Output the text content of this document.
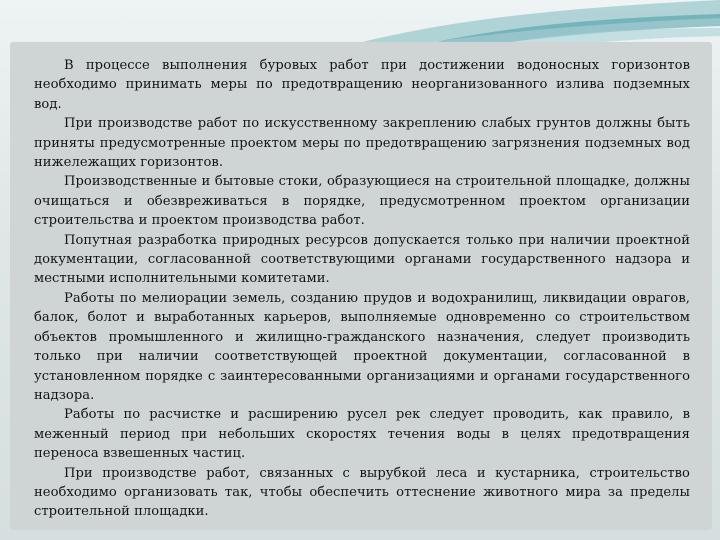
В процессе выполнения буровых работ при достижении водоносных горизонтов необходимо принимать меры по предотвращению неорганизованного излива подземных вод.

При производстве работ по искусственному закреплению слабых грунтов должны быть приняты предусмотренные проектом меры по предотвращению загрязнения подземных вод нижележащих горизонтов.

Производственные и бытовые стоки, образующиеся на строительной площадке, должны очищаться и обезвреживаться в порядке, предусмотренном проектом организации строительства и проектом производства работ.

Попутная разработка природных ресурсов допускается только при наличии проектной документации, согласованной соответствующими органами государственного надзора и местными исполнительными комитетами.

Работы по мелиорации земель, созданию прудов и водохранилищ, ликвидации оврагов, балок, болот и выработанных карьеров, выполняемые одновременно со строительством объектов промышленного и жилищно-гражданского назначения, следует производить только при наличии соответствующей проектной документации, согласованной в установленном порядке с заинтересованными организациями и органами государственного надзора.

Работы по расчистке и расширению русел рек следует проводить, как правило, в меженный период при небольших скоростях течения воды в целях предотвращения переноса взвешенных частиц.

При производстве работ, связанных с вырубкой леса и кустарника, строительство необходимо организовать так, чтобы обеспечить оттеснение животного мира за пределы строительной площадки.
